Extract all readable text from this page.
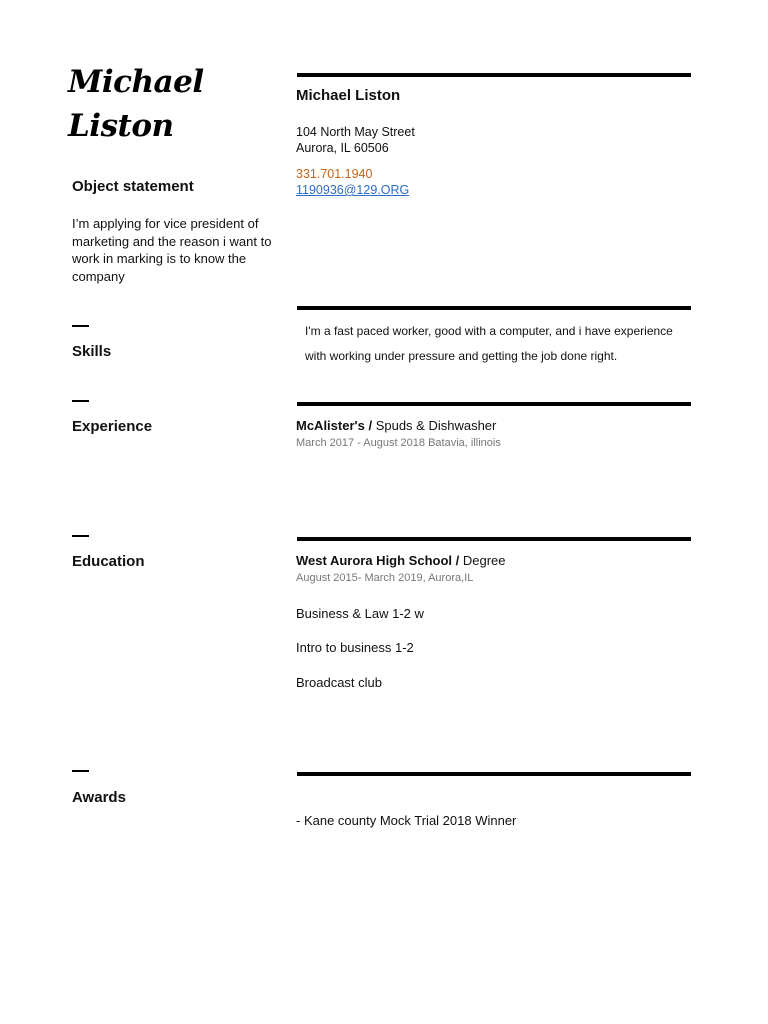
Michael
Liston
Object statement
I’m applying for vice president of marketing and the reason i want to work in marking is to know the company
Skills
Experience
Education
Awards
Michael Liston
104 North May Street
Aurora, IL 60506
331.701.1940
1190936@129.ORG
I'm a fast paced worker, good with a computer, and i have experience with working under pressure and getting the job done right.
McAlister's / Spuds & Dishwasher
March 2017 - August 2018 Batavia, illinois
West Aurora High School / Degree
August 2015- March 2019, Aurora,IL
Business & Law 1-2 w
Intro to business 1-2
Broadcast club
- Kane county Mock Trial 2018 Winner
